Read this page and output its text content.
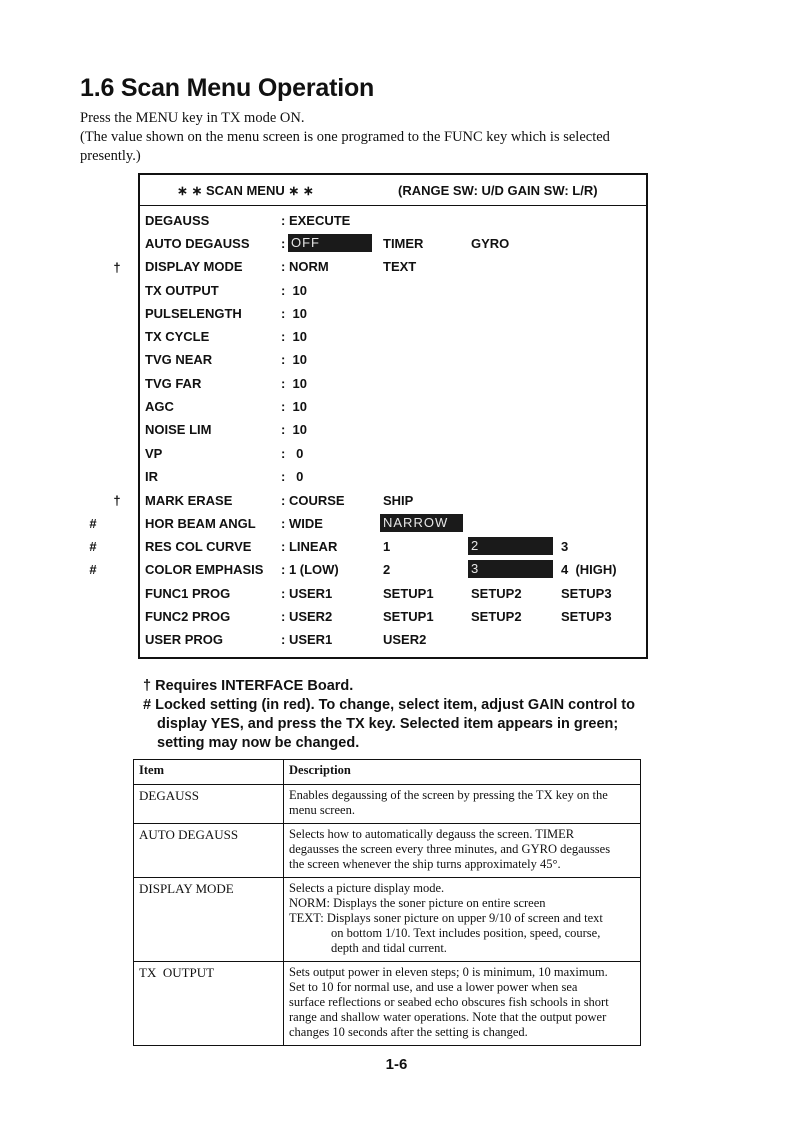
1.6 Scan Menu Operation
Press the MENU key in TX mode ON.
(The value shown on the menu screen is one programed to the FUNC key which is selected
presently.)
†
†
#
#
#
∗ ∗ SCAN MENU ∗ ∗	(RANGE SW: U/D GAIN SW: L/R)
DEGAUSS	: EXECUTE
AUTO DEGAUSS : OFF	TIMER	GYRO
DISPLAY MODE	: NORM	TEXT
TX OUTPUT	:  10
PULSELENGTH	:  10
TX CYCLE	:  10
TVG NEAR	:  10
TVG FAR	:  10
AGC	:  10
NOISE LIM	:  10
VP	:   0
IR	:   0
MARK ERASE	: COURSE	SHIP
HOR BEAM ANGL : WIDE	NARROW
RES COL CURVE : LINEAR	1	2	3
COLOR EMPHASIS : 1 (LOW)	2	3	4  (HIGH)
FUNC1 PROG	: USER1	SETUP1	SETUP2	SETUP3
FUNC2 PROG	: USER2	SETUP1	SETUP2	SETUP3
USER PROG	: USER1	USER2
† Requires INTERFACE Board.
# Locked setting (in red). To change, select item, adjust GAIN control to
display YES, and press the TX key. Selected item appears in green;
setting may now be changed.
Item	Description
DEGAUSS	Enables degaussing of the screen by pressing the TX key on the
menu screen.

AUTO DEGAUSS	Selects how to automatically degauss the screen. TIMER
degausses the screen every three minutes, and GYRO degausses
the screen whenever the ship turns approximately 45°.

DISPLAY MODE	Selects a picture display mode.
NORM: Displays the soner picture on entire screen
TEXT: Displays soner picture on upper 9/10 of screen and text
on bottom 1/10. Text includes position, speed, course,
depth and tidal current.

TX  OUTPUT	Sets output power in eleven steps; 0 is minimum, 10 maximum.
Set to 10 for normal use, and use a lower power when sea
surface reflections or seabed echo obscures fish schools in short
range and shallow water operations. Note that the output power
changes 10 seconds after the setting is changed.
1-6
